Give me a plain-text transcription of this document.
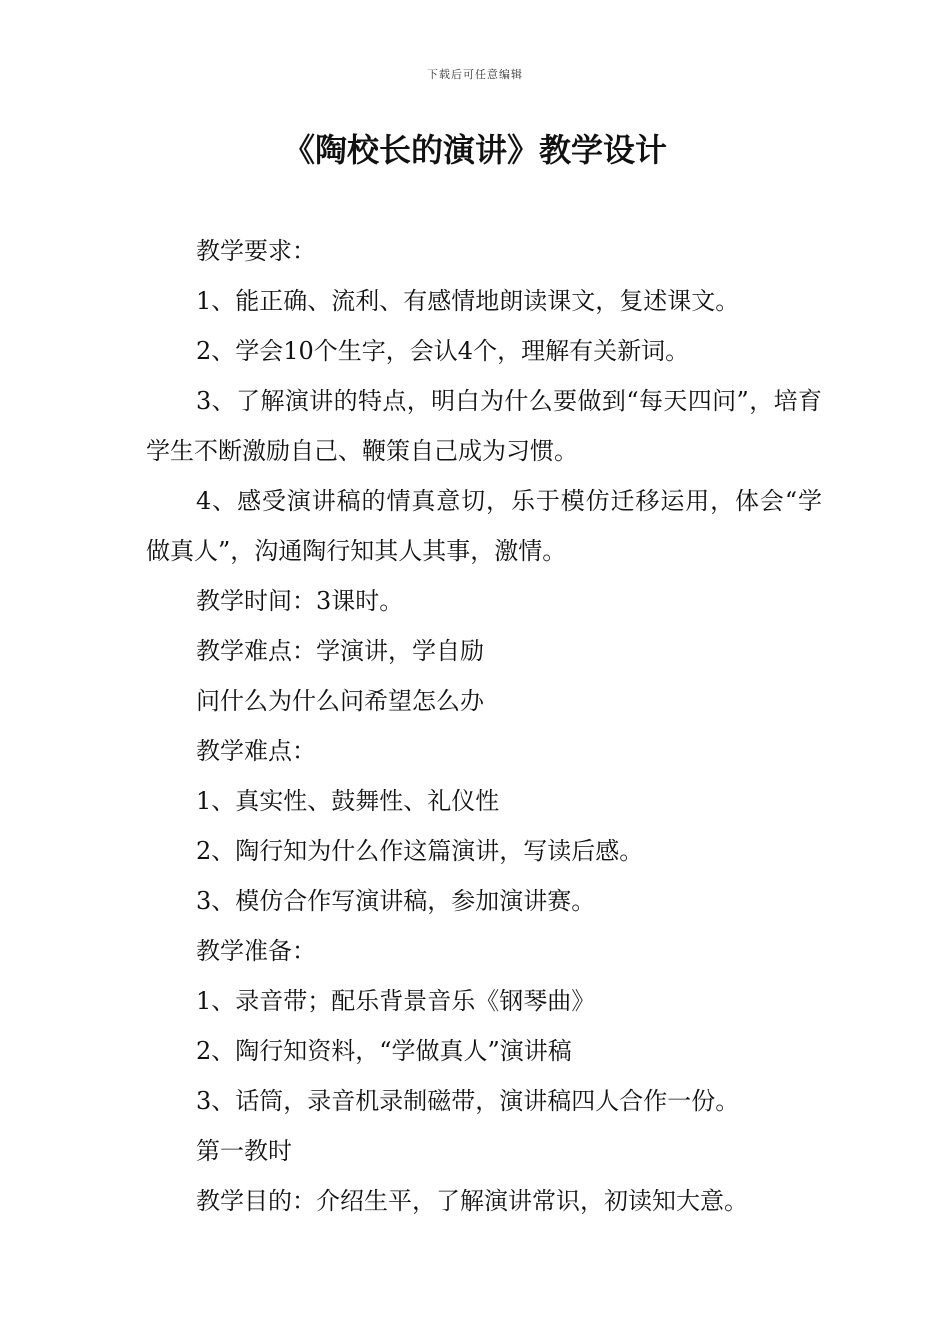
下载后可任意编辑
《陶校长的演讲》教学设计

教学要求：

1、能正确、流利、有感情地朗读课文，复述课文。

2、学会10个生字，会认4个，理解有关新词。

3、了解演讲的特点，明白为什么要做到“每天四问”，培育学生不断激励自己、鞭策自己成为习惯。

4、感受演讲稿的情真意切，乐于模仿迁移运用，体会“学做真人”，沟通陶行知其人其事，激情。

教学时间：3课时。

教学难点：学演讲，学自励

问什么为什么问希望怎么办

教学难点：

1、真实性、鼓舞性、礼仪性

2、陶行知为什么作这篇演讲，写读后感。

3、模仿合作写演讲稿，参加演讲赛。

教学准备：

1、录音带；配乐背景音乐《钢琴曲》

2、陶行知资料，“学做真人”演讲稿

3、话筒，录音机录制磁带，演讲稿四人合作一份。

第一教时

教学目的：介绍生平，了解演讲常识，初读知大意。
